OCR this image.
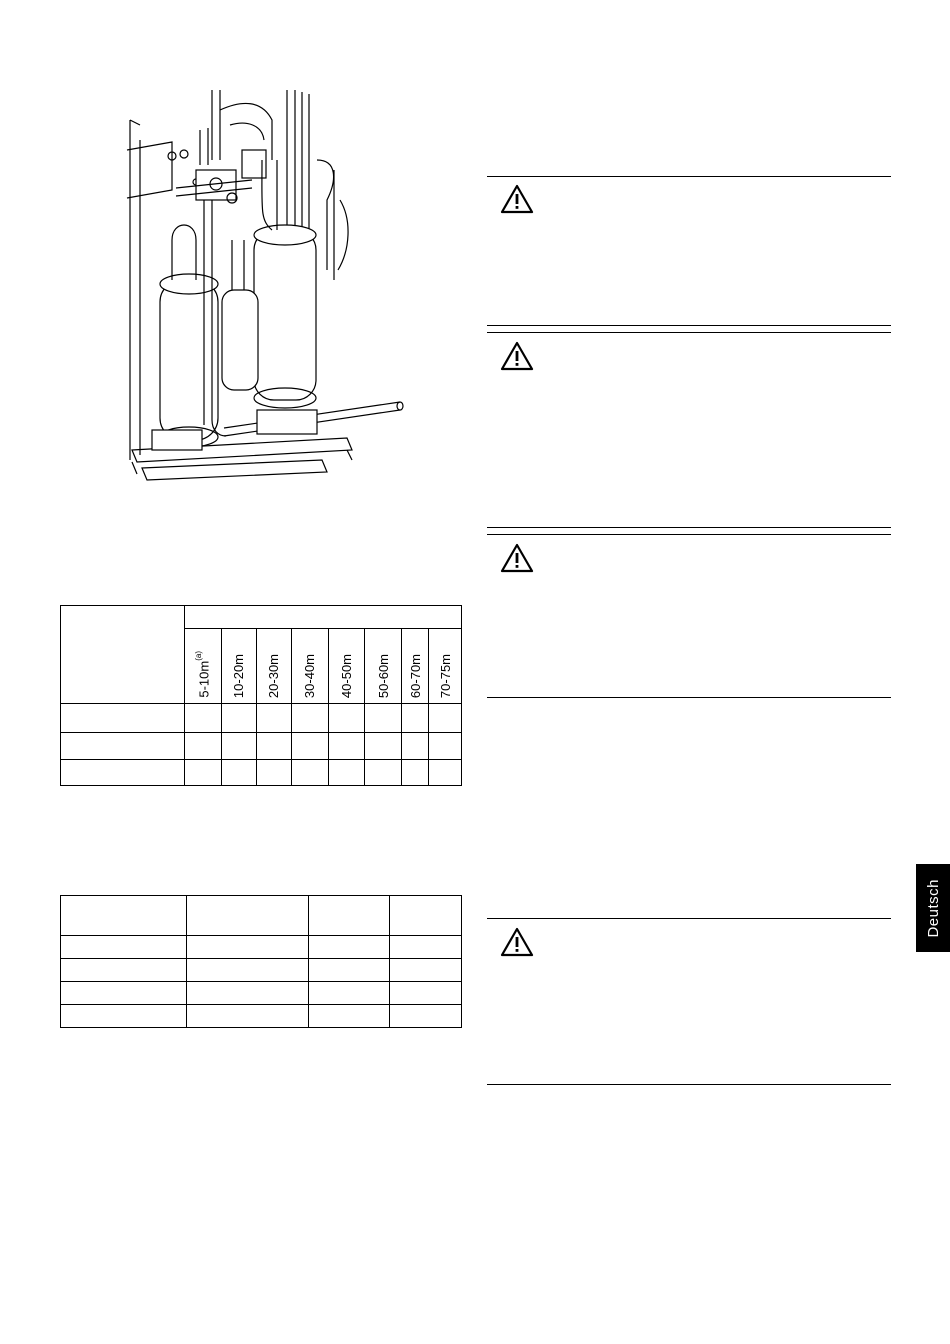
	$5-10m^{(a)}$	10-20m	20-30m	30-40m	40-50m	50-60m	60-70m	70-75m

Deutsch
